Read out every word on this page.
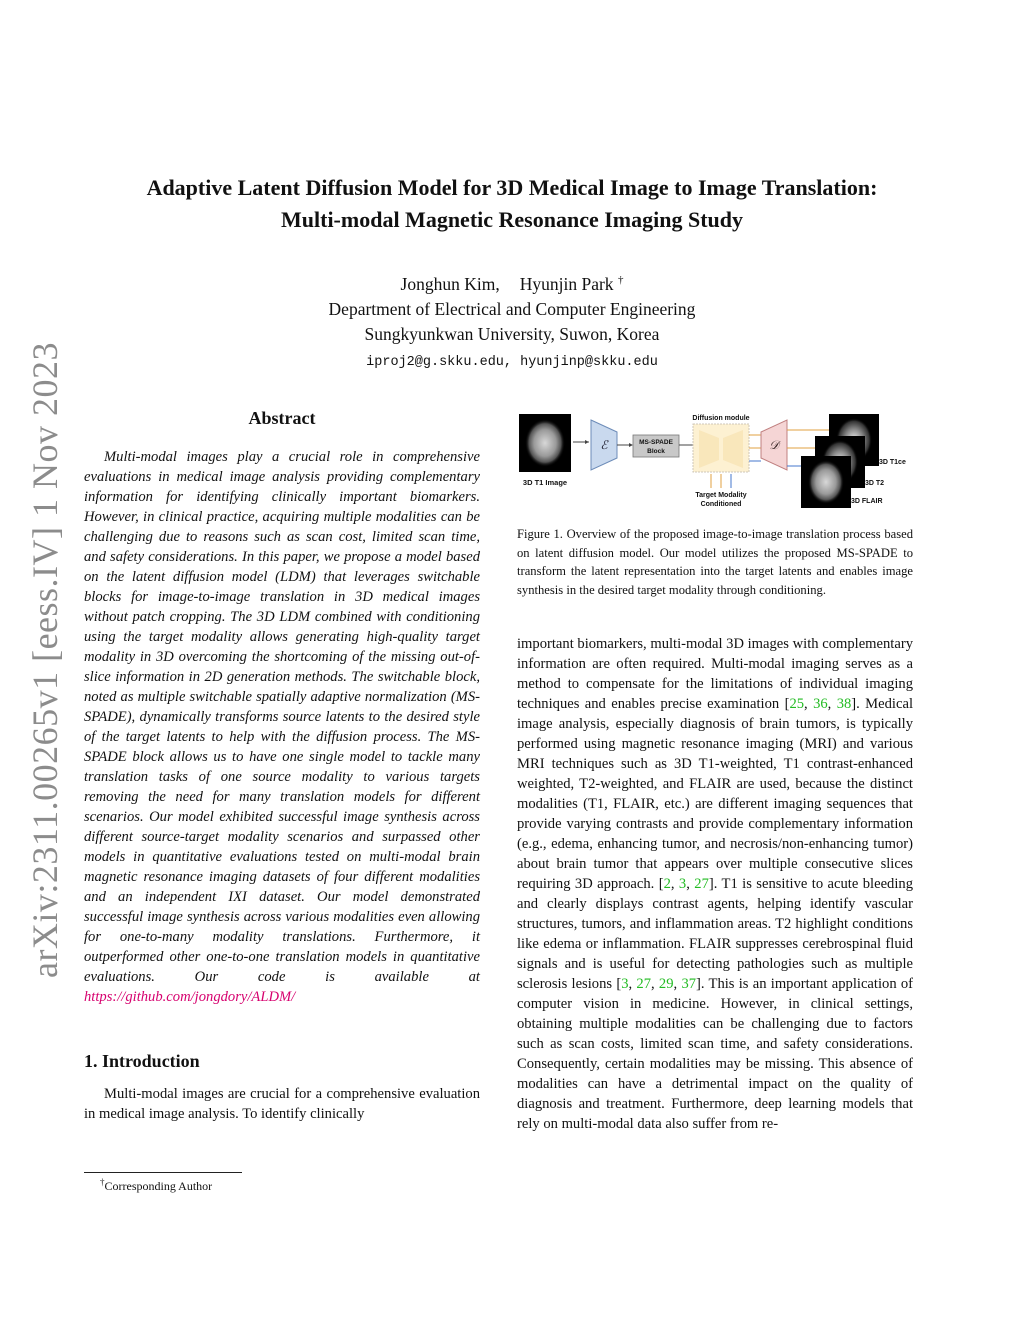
arXiv:2311.00265v1 [eess.IV] 1 Nov 2023
Adaptive Latent Diffusion Model for 3D Medical Image to Image Translation:
Multi-modal Magnetic Resonance Imaging Study
Jonghun Kim, Hyunjin Park †
Department of Electrical and Computer Engineering
Sungkyunkwan University, Suwon, Korea
iproj2@g.skku.edu, hyunjinp@skku.edu
Abstract

Multi-modal images play a crucial role in comprehensive evaluations in medical image analysis providing complementary information for identifying clinically important biomarkers. However, in clinical practice, acquiring multiple modalities can be challenging due to reasons such as scan cost, limited scan time, and safety considerations. In this paper, we propose a model based on the latent diffusion model (LDM) that leverages switchable blocks for image-to-image translation in 3D medical images without patch cropping. The 3D LDM combined with conditioning using the target modality allows generating high-quality target modality in 3D overcoming the shortcoming of the missing out-of-slice information in 2D generation methods. The switchable block, noted as multiple switchable spatially adaptive normalization (MS-SPADE), dynamically transforms source latents to the desired style of the target latents to help with the diffusion process. The MS-SPADE block allows us to have one single model to tackle many translation tasks of one source modality to various targets removing the need for many translation models for different scenarios. Our model exhibited successful image synthesis across different source-target modality scenarios and surpassed other models in quantitative evaluations tested on multi-modal brain magnetic resonance imaging datasets of four different modalities and an independent IXI dataset. Our model demonstrated successful image synthesis across various modalities even allowing for one-to-many modality translations. Furthermore, it outperformed other one-to-one translation models in quantitative evaluations. Our code is available at https://github.com/jongdory/ALDM/

1. Introduction

Multi-modal images are crucial for a comprehensive evaluation in medical image analysis. To identify clinically

†Corresponding Author
3D T1 Image
ℰ	MS-SPADE
Block
Diffusion module
Target Modality
Conditioned
𝒟
3D T1ce
3D T2
3D FLAIR

Figure 1. Overview of the proposed image-to-image translation process based on latent diffusion model. Our model utilizes the proposed MS-SPADE to transform the latent representation into the target latents and enables image synthesis in the desired target modality through conditioning.

important biomarkers, multi-modal 3D images with complementary information are often required. Multi-modal imaging serves as a method to compensate for the limitations of individual imaging techniques and enables precise examination [25, 36, 38]. Medical image analysis, especially diagnosis of brain tumors, is typically performed using magnetic resonance imaging (MRI) and various MRI techniques such as 3D T1-weighted, T1 contrast-enhanced weighted, T2-weighted, and FLAIR are used, because the distinct modalities (T1, FLAIR, etc.) are different imaging sequences that provide varying contrasts and provide complementary information (e.g., edema, enhancing tumor, and necrosis/non-enhancing tumor) about brain tumor that appears over multiple consecutive slices requiring 3D approach. [2, 3, 27]. T1 is sensitive to acute bleeding and clearly displays contrast agents, helping identify vascular structures, tumors, and inflammation areas. T2 highlight conditions like edema or inflammation. FLAIR suppresses cerebrospinal fluid signals and is useful for detecting pathologies such as multiple sclerosis lesions [3, 27, 29, 37]. This is an important application of computer vision in medicine. However, in clinical settings, obtaining multiple modalities can be challenging due to factors such as scan costs, limited scan time, and safety considerations. Consequently, certain modalities may be missing. This absence of modalities can have a detrimental impact on the quality of diagnosis and treatment. Furthermore, deep learning models that rely on multi-modal data also suffer from re-
